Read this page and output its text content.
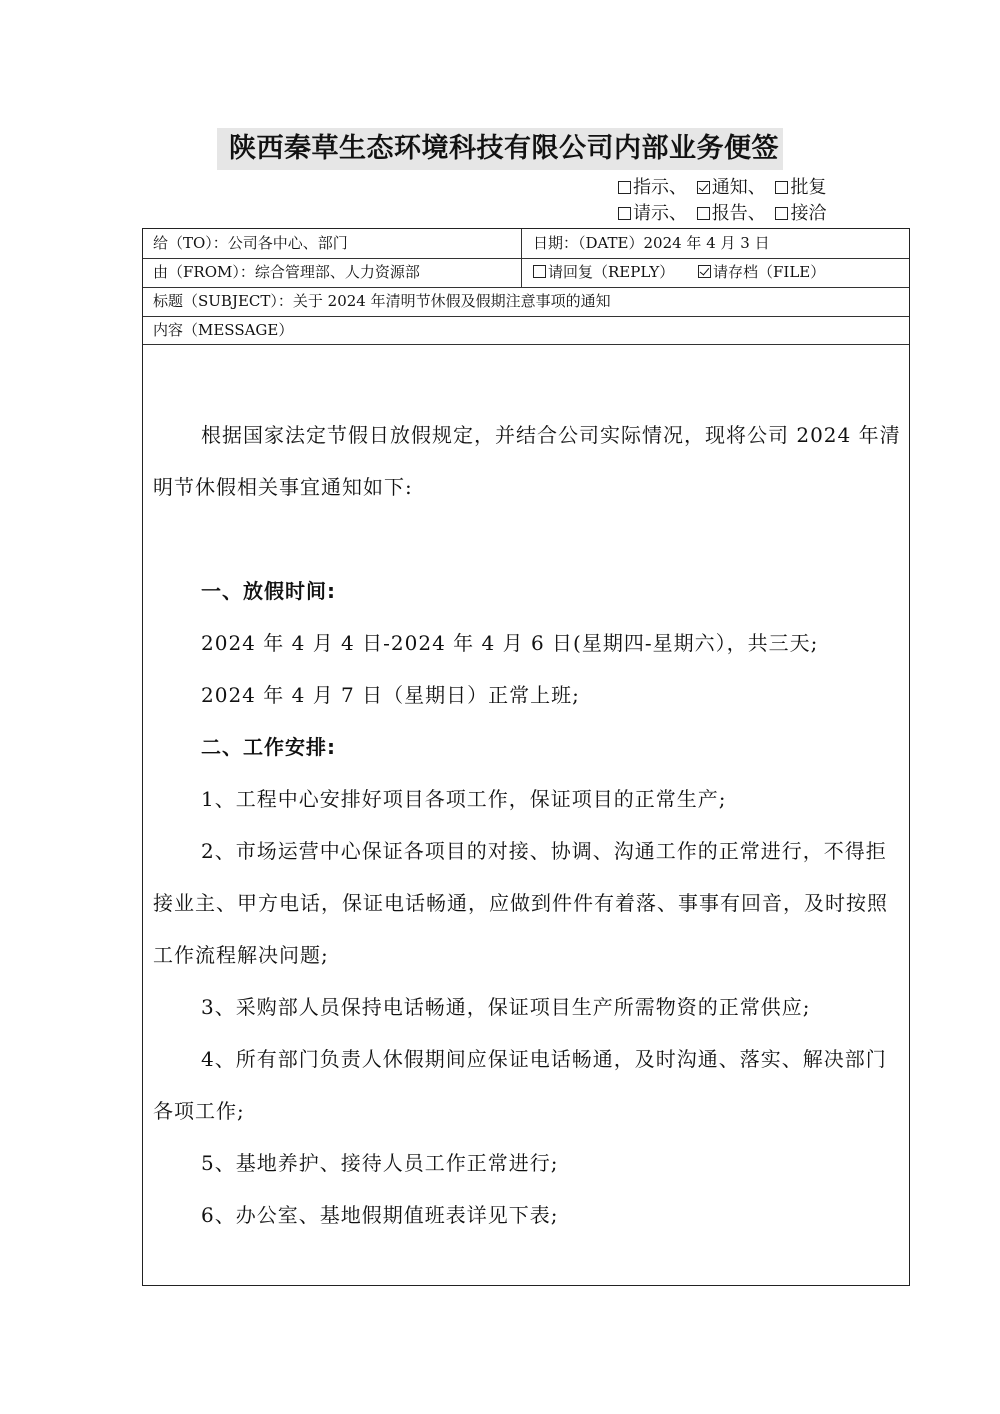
陕西秦草生态环境科技有限公司内部业务便签
指示、 通知、 批复
请示、 报告、 接洽
给（TO）：公司各中心、部门	日期：（DATE）2024 年 4 月 3 日
由（FROM）：综合管理部、人力资源部	请回复（REPLY）	请存档（FILE）
标题（SUBJECT）：关于 2024 年清明节休假及假期注意事项的通知
内容（MESSAGE）

根据国家法定节假日放假规定，并结合公司实际情况，现将公司 2024 年清明节休假相关事宜通知如下:

一、放假时间:

2024 年 4 月 4 日-2024 年 4 月 6 日(星期四-星期六），共三天;

2024 年 4 月 7 日（星期日）正常上班;

二、工作安排:

1、工程中心安排好项目各项工作，保证项目的正常生产;

2、市场运营中心保证各项目的对接、协调、沟通工作的正常进行，不得拒接业主、甲方电话，保证电话畅通，应做到件件有着落、事事有回音，及时按照工作流程解决问题;

3、采购部人员保持电话畅通，保证项目生产所需物资的正常供应;

4、所有部门负责人休假期间应保证电话畅通，及时沟通、落实、解决部门各项工作;

5、基地养护、接待人员工作正常进行;

6、办公室、基地假期值班表详见下表;
